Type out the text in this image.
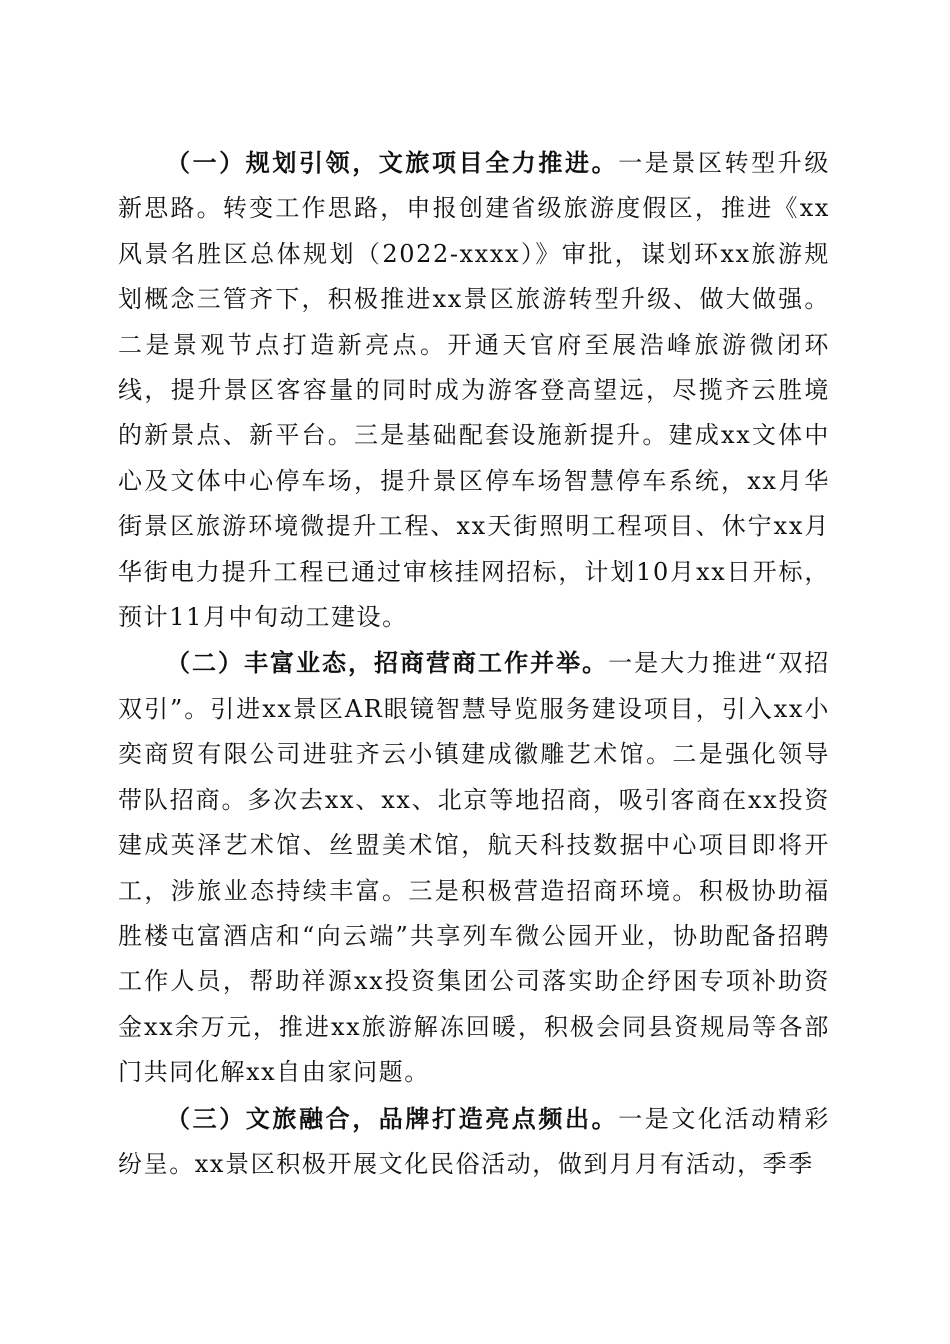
（一）规划引领，文旅项目全力推进。一是景区转型升级新思路。转变工作思路，申报创建省级旅游度假区，推进《xx风景名胜区总体规划（2022-xxxx）》审批，谋划环xx旅游规划概念三管齐下，积极推进xx景区旅游转型升级、做大做强。二是景观节点打造新亮点。开通天官府至展浩峰旅游微闭环线，提升景区客容量的同时成为游客登高望远，尽揽齐云胜境的新景点、新平台。三是基础配套设施新提升。建成xx文体中心及文体中心停车场，提升景区停车场智慧停车系统，xx月华街景区旅游环境微提升工程、xx天街照明工程项目、休宁xx月华街电力提升工程已通过审核挂网招标，计划10月xx日开标，预计11月中旬动工建设。

（二）丰富业态，招商营商工作并举。一是大力推进“双招双引”。引进xx景区AR眼镜智慧导览服务建设项目，引入xx小奕商贸有限公司进驻齐云小镇建成徽雕艺术馆。二是强化领导带队招商。多次去xx、xx、北京等地招商，吸引客商在xx投资建成英泽艺术馆、丝盟美术馆，航天科技数据中心项目即将开工，涉旅业态持续丰富。三是积极营造招商环境。积极协助福胜楼屯富酒店和“向云端”共享列车微公园开业，协助配备招聘工作人员，帮助祥源xx投资集团公司落实助企纾困专项补助资金xx余万元，推进xx旅游解冻回暖，积极会同县资规局等各部门共同化解xx自由家问题。

（三）文旅融合，品牌打造亮点频出。一是文化活动精彩纷呈。xx景区积极开展文化民俗活动，做到月月有活动，季季
